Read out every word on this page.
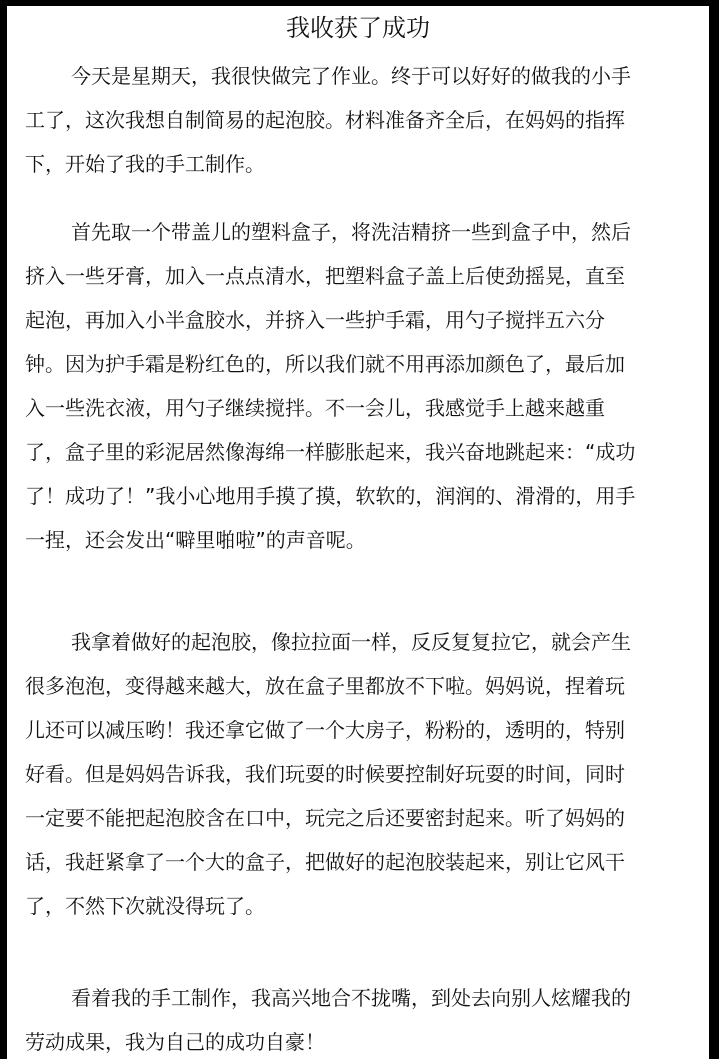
我收获了成功
今天是星期天，我很快做完了作业。终于可以好好的做我的小手
工了，这次我想自制简易的起泡胶。材料准备齐全后，在妈妈的指挥
下，开始了我的手工制作。
首先取一个带盖儿的塑料盒子，将洗洁精挤一些到盒子中，然后
挤入一些牙膏，加入一点点清水，把塑料盒子盖上后使劲摇晃，直至
起泡，再加入小半盒胶水，并挤入一些护手霜，用勺子搅拌五六分
钟。因为护手霜是粉红色的，所以我们就不用再添加颜色了，最后加
入一些洗衣液，用勺子继续搅拌。不一会儿，我感觉手上越来越重
了，盒子里的彩泥居然像海绵一样膨胀起来，我兴奋地跳起来：“成功
了！成功了！”我小心地用手摸了摸，软软的，润润的、滑滑的，用手
一捏，还会发出“噼里啪啦”的声音呢。
我拿着做好的起泡胶，像拉拉面一样，反反复复拉它，就会产生
很多泡泡，变得越来越大，放在盒子里都放不下啦。妈妈说，捏着玩
儿还可以减压哟！我还拿它做了一个大房子，粉粉的，透明的，特别
好看。但是妈妈告诉我，我们玩耍的时候要控制好玩耍的时间，同时
一定要不能把起泡胶含在口中，玩完之后还要密封起来。听了妈妈的
话，我赶紧拿了一个大的盒子，把做好的起泡胶装起来，别让它风干
了，不然下次就没得玩了。
看着我的手工制作，我高兴地合不拢嘴，到处去向别人炫耀我的
劳动成果，我为自己的成功自豪！
